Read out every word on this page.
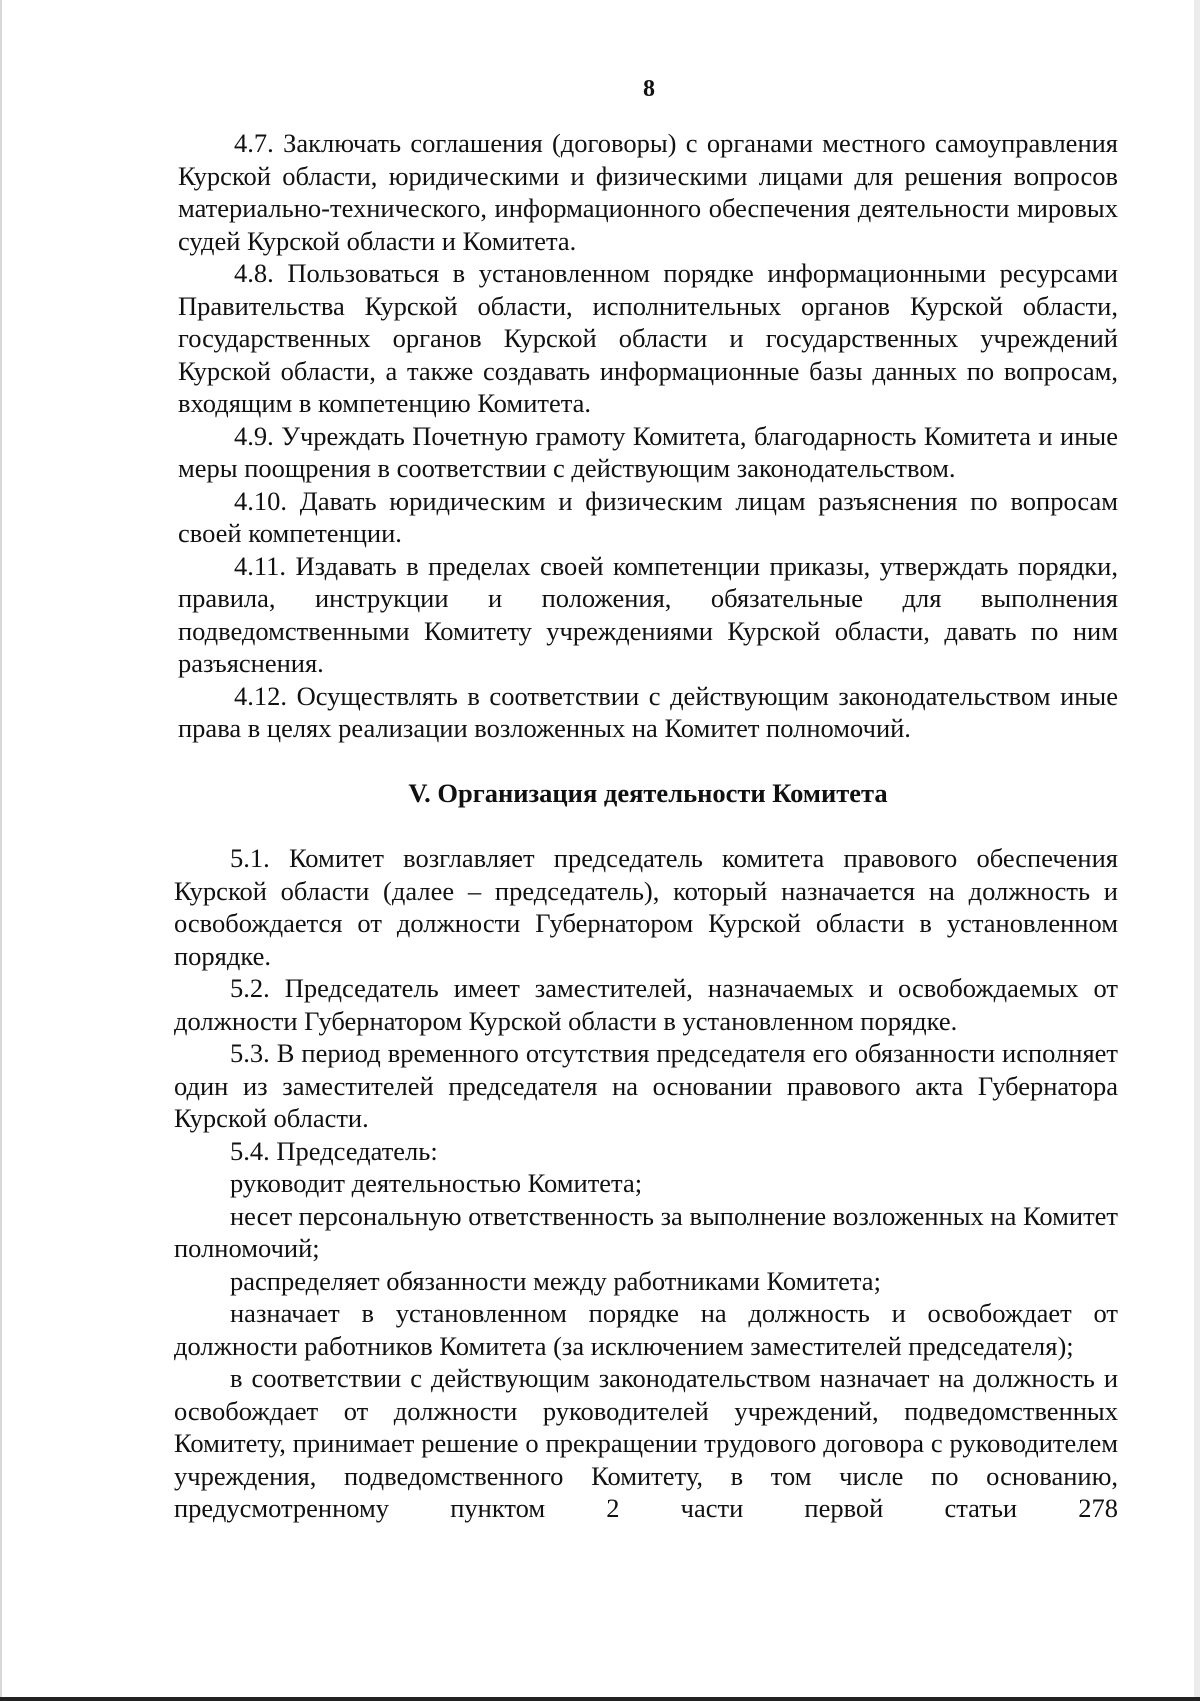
8

4.7. Заключать соглашения (договоры) с органами местного самоуправления Курской области, юридическими и физическими лицами для решения вопросов материально-технического, информационного обеспечения деятельности мировых судей Курской области и Комитета.

4.8. Пользоваться в установленном порядке информационными ресурсами Правительства Курской области, исполнительных органов Курской области, государственных органов Курской области и государственных учреждений Курской области, а также создавать информационные базы данных по вопросам, входящим в компетенцию Комитета.

4.9. Учреждать Почетную грамоту Комитета, благодарность Комитета и иные меры поощрения в соответствии с действующим законодательством.

4.10. Давать юридическим и физическим лицам разъяснения по вопросам своей компетенции.

4.11. Издавать в пределах своей компетенции приказы, утверждать порядки, правила, инструкции и положения, обязательные для выполнения подведомственными Комитету учреждениями Курской области, давать по ним разъяснения.

4.12. Осуществлять в соответствии с действующим законодательством иные права в целях реализации возложенных на Комитет полномочий.

V. Организация деятельности Комитета

5.1. Комитет возглавляет председатель комитета правового обеспечения Курской области (далее – председатель), который назначается на должность и освобождается от должности Губернатором Курской области в установленном порядке.

5.2. Председатель имеет заместителей, назначаемых и освобождаемых от должности Губернатором Курской области в установленном порядке.

5.3. В период временного отсутствия председателя его обязанности исполняет один из заместителей председателя на основании правового акта Губернатора Курской области.

5.4. Председатель:

руководит деятельностью Комитета;

несет персональную ответственность за выполнение возложенных на Комитет полномочий;

распределяет обязанности между работниками Комитета;

назначает в установленном порядке на должность и освобождает от должности работников Комитета (за исключением заместителей председателя);

в соответствии с действующим законодательством назначает на должность и освобождает от должности руководителей учреждений, подведомственных Комитету, принимает решение о прекращении трудового договора с руководителем учреждения, подведомственного Комитету, в том числе по основанию, предусмотренному пунктом 2 части первой статьи 278
